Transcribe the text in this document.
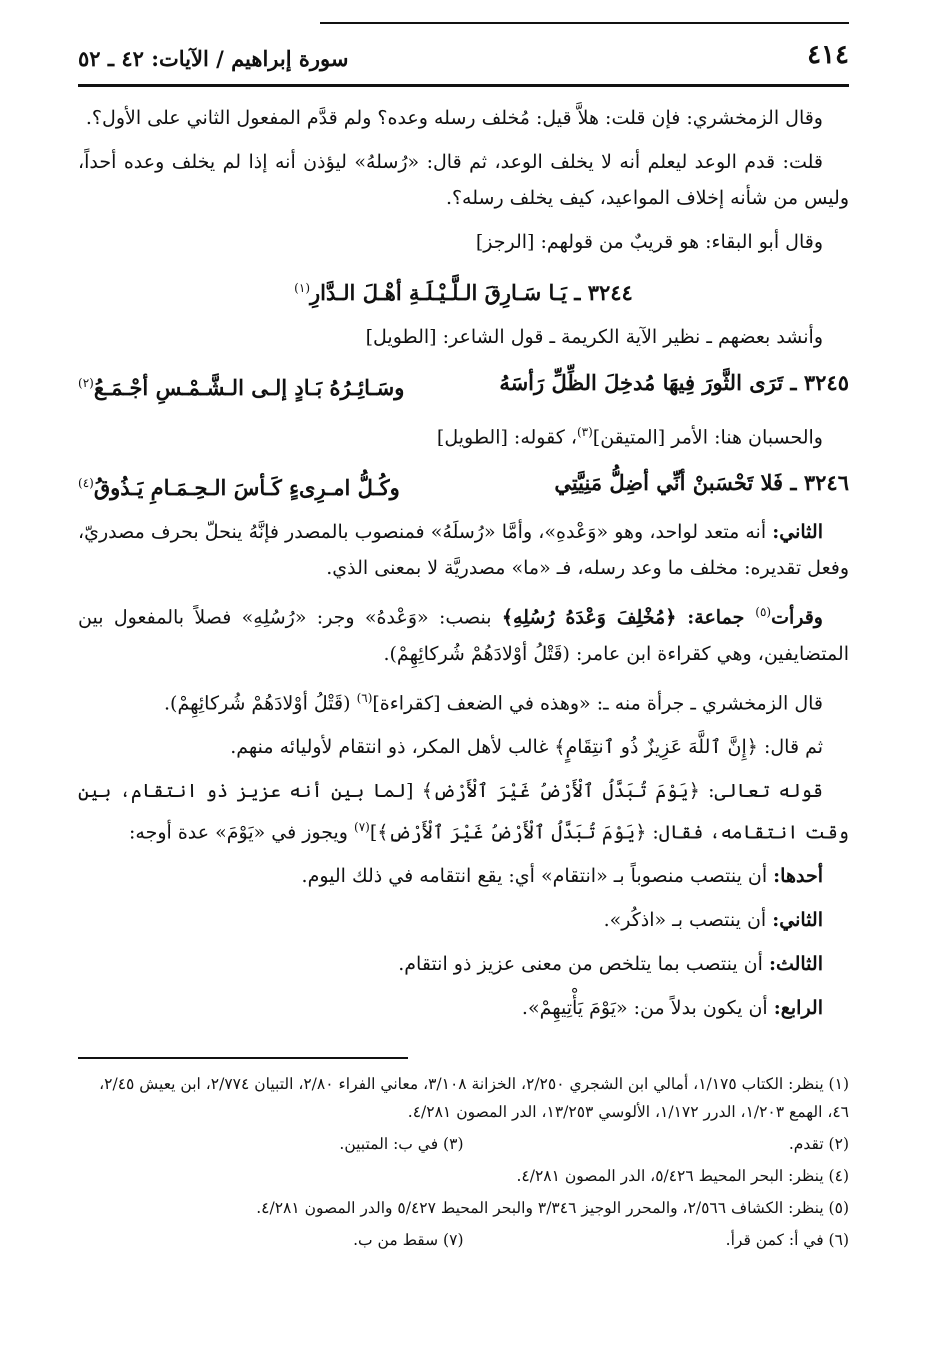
٤١٤
سورة إبراهيم / الآيات: ٤٢ ـ ٥٢

وقال الزمخشري: فإن قلت: هلاَّ قيل: مُخلف رسله وعده؟ ولم قدَّم المفعول الثاني على الأول؟.

قلت: قدم الوعد ليعلم أنه لا يخلف الوعد، ثم قال: «رُسلهُ» ليؤذن أنه إذا لم يخلف وعده أحداً، وليس من شأنه إخلاف المواعيد، كيف يخلف رسله؟.

وقال أبو البقاء: هو قريبٌ من قولهم: [الرجز]

٣٢٤٤ ـ يَـا سَـارِقَ الـلَّـيْـلَـةِ أهْـلَ الـدَّارِ$^{(١)}$

وأنشد بعضهم ـ نظير الآية الكريمة ـ قول الشاعر: [الطويل]

٣٢٤٥ ـ تَرَى الثَّورَ فِيهَا مُدخِلَ الظِّلِّ رَأسَهُ
وسَـائِـرُهُ بَـادٍ إلـى الـشَّـمْـسِ أجْـمَـعُ$^{(٢)}$

والحسبان هنا: الأمر [المتيقن]$^{(٣)}$، كقوله: [الطويل]

٣٢٤٦ ـ فَلا تَحْسَبنْ أنِّي أضِلُّ مَنِيَّتِي
وكُـلُّ امـرِىءٍ كَـأسَ الـحِـمَـامِ يَـذُوقُ$^{(٤)}$

الثاني: أنه متعد لواحد، وهو «وَعْدهِ»، وأمَّا «رُسلَهُ» فمنصوب بالمصدر فإنَّهُ ينحلّ بحرف مصدريّ، وفعل تقديره: مخلف ما وعد رسله، فـ «ما» مصدريَّة لا بمعنى الذي.

وقرأت$^{(٥)}$ جماعة: ﴿مُخْلِفَ وَعْدَهُ رُسُلِهِ﴾ بنصب: «وَعْدهُ» وجر: «رُسُلِهِ» فصلاً بالمفعول بين المتضايفين، وهي كقراءة ابن عامر: (قَتْلُ أوْلادَهُمْ شُركائِهِمْ).

قال الزمخشري ـ جرأة منه ـ: «وهذه في الضعف [كقراءة]$^{(٦)}$ (قَتْلُ أوْلادَهُمْ شُركائِهِمْ).

ثم قال: ﴿إِنَّ ٱللَّهَ عَزِيزٌ ذُو ٱنتِقَامٍ﴾ غالب لأهل المكر، ذو انتقام لأوليائه منهم.

قوله تعالى: ﴿يَوْمَ تُبَدَّلُ ٱلْأَرْضُ غَيْرَ ٱلْأَرْضِ﴾ [لما بين أنه عزيز ذو انتقام، بين وقت انتقامه، فقال: ﴿يَوْمَ تُبَدَّلُ ٱلْأَرْضُ غَيْرَ ٱلْأَرْضِ﴾]$^{(٧)}$ ويجوز في «يَوْمَ» عدة أوجه:

أحدها: أن ينتصب منصوباً بـ «انتقام» أي: يقع انتقامه في ذلك اليوم.

الثاني: أن ينتصب بـ «اذكُر».

الثالث: أن ينتصب بما يتلخص من معنى عزيز ذو انتقام.

الرابع: أن يكون بدلاً من: «يَوْمَ يَأْتِيهِمْ».

(١) ينظر: الكتاب ١/١٧٥، أمالي ابن الشجري ٢/٢٥٠، الخزانة ٣/١٠٨، معاني الفراء ٢/٨٠، التبيان ٢/٧٧٤، ابن يعيش ٢/٤٥، ٤٦، الهمع ١/٢٠٣، الدرر ١/١٧٢، الألوسي ١٣/٢٥٣، الدر المصون ٤/٢٨١.

(٢) تقدم.

(٣) في ب: المتبين.

(٤) ينظر: البحر المحيط ٥/٤٢٦، الدر المصون ٤/٢٨١.

(٥) ينظر: الكشاف ٢/٥٦٦، والمحرر الوجيز ٣/٣٤٦ والبحر المحيط ٥/٤٢٧ والدر المصون ٤/٢٨١.

(٦) في أ: كمن قرأ.

(٧) سقط من ب.
